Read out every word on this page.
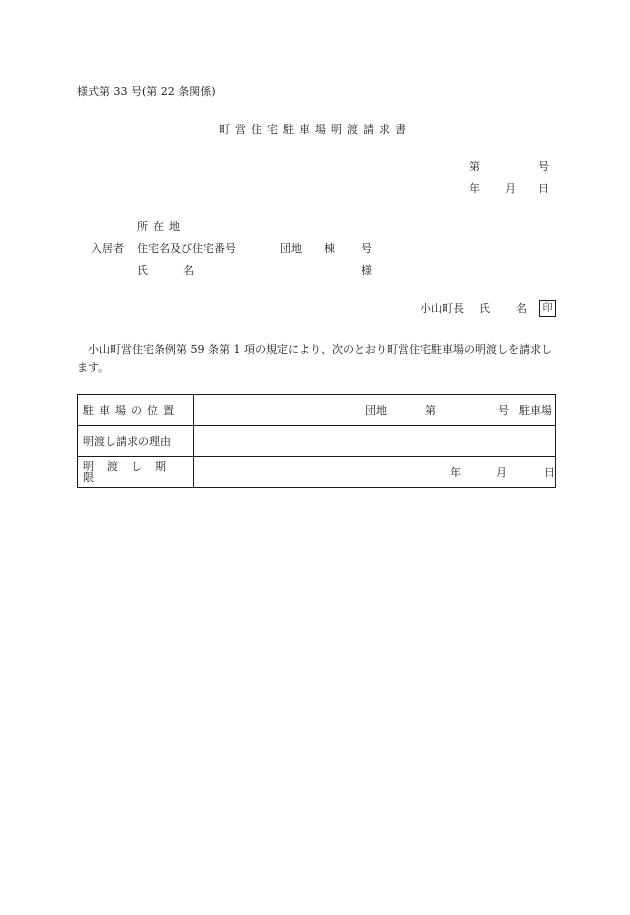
様式第 33 号(第 22 条関係)
町営住宅駐車場明渡請求書
第	号
年 月 日
所在地
入居者 住宅名及び住宅番号	団地 棟 号
氏	名	様
小山町長 氏 名	印
小山町営住宅条例第 59 条第 1 項の規定により、次のとおり町営住宅駐車場の明渡しを請求します。
駐車場の位置	団地 第 号 駐車場

明渡し請求の理由	
明渡し期限	年 月 日
